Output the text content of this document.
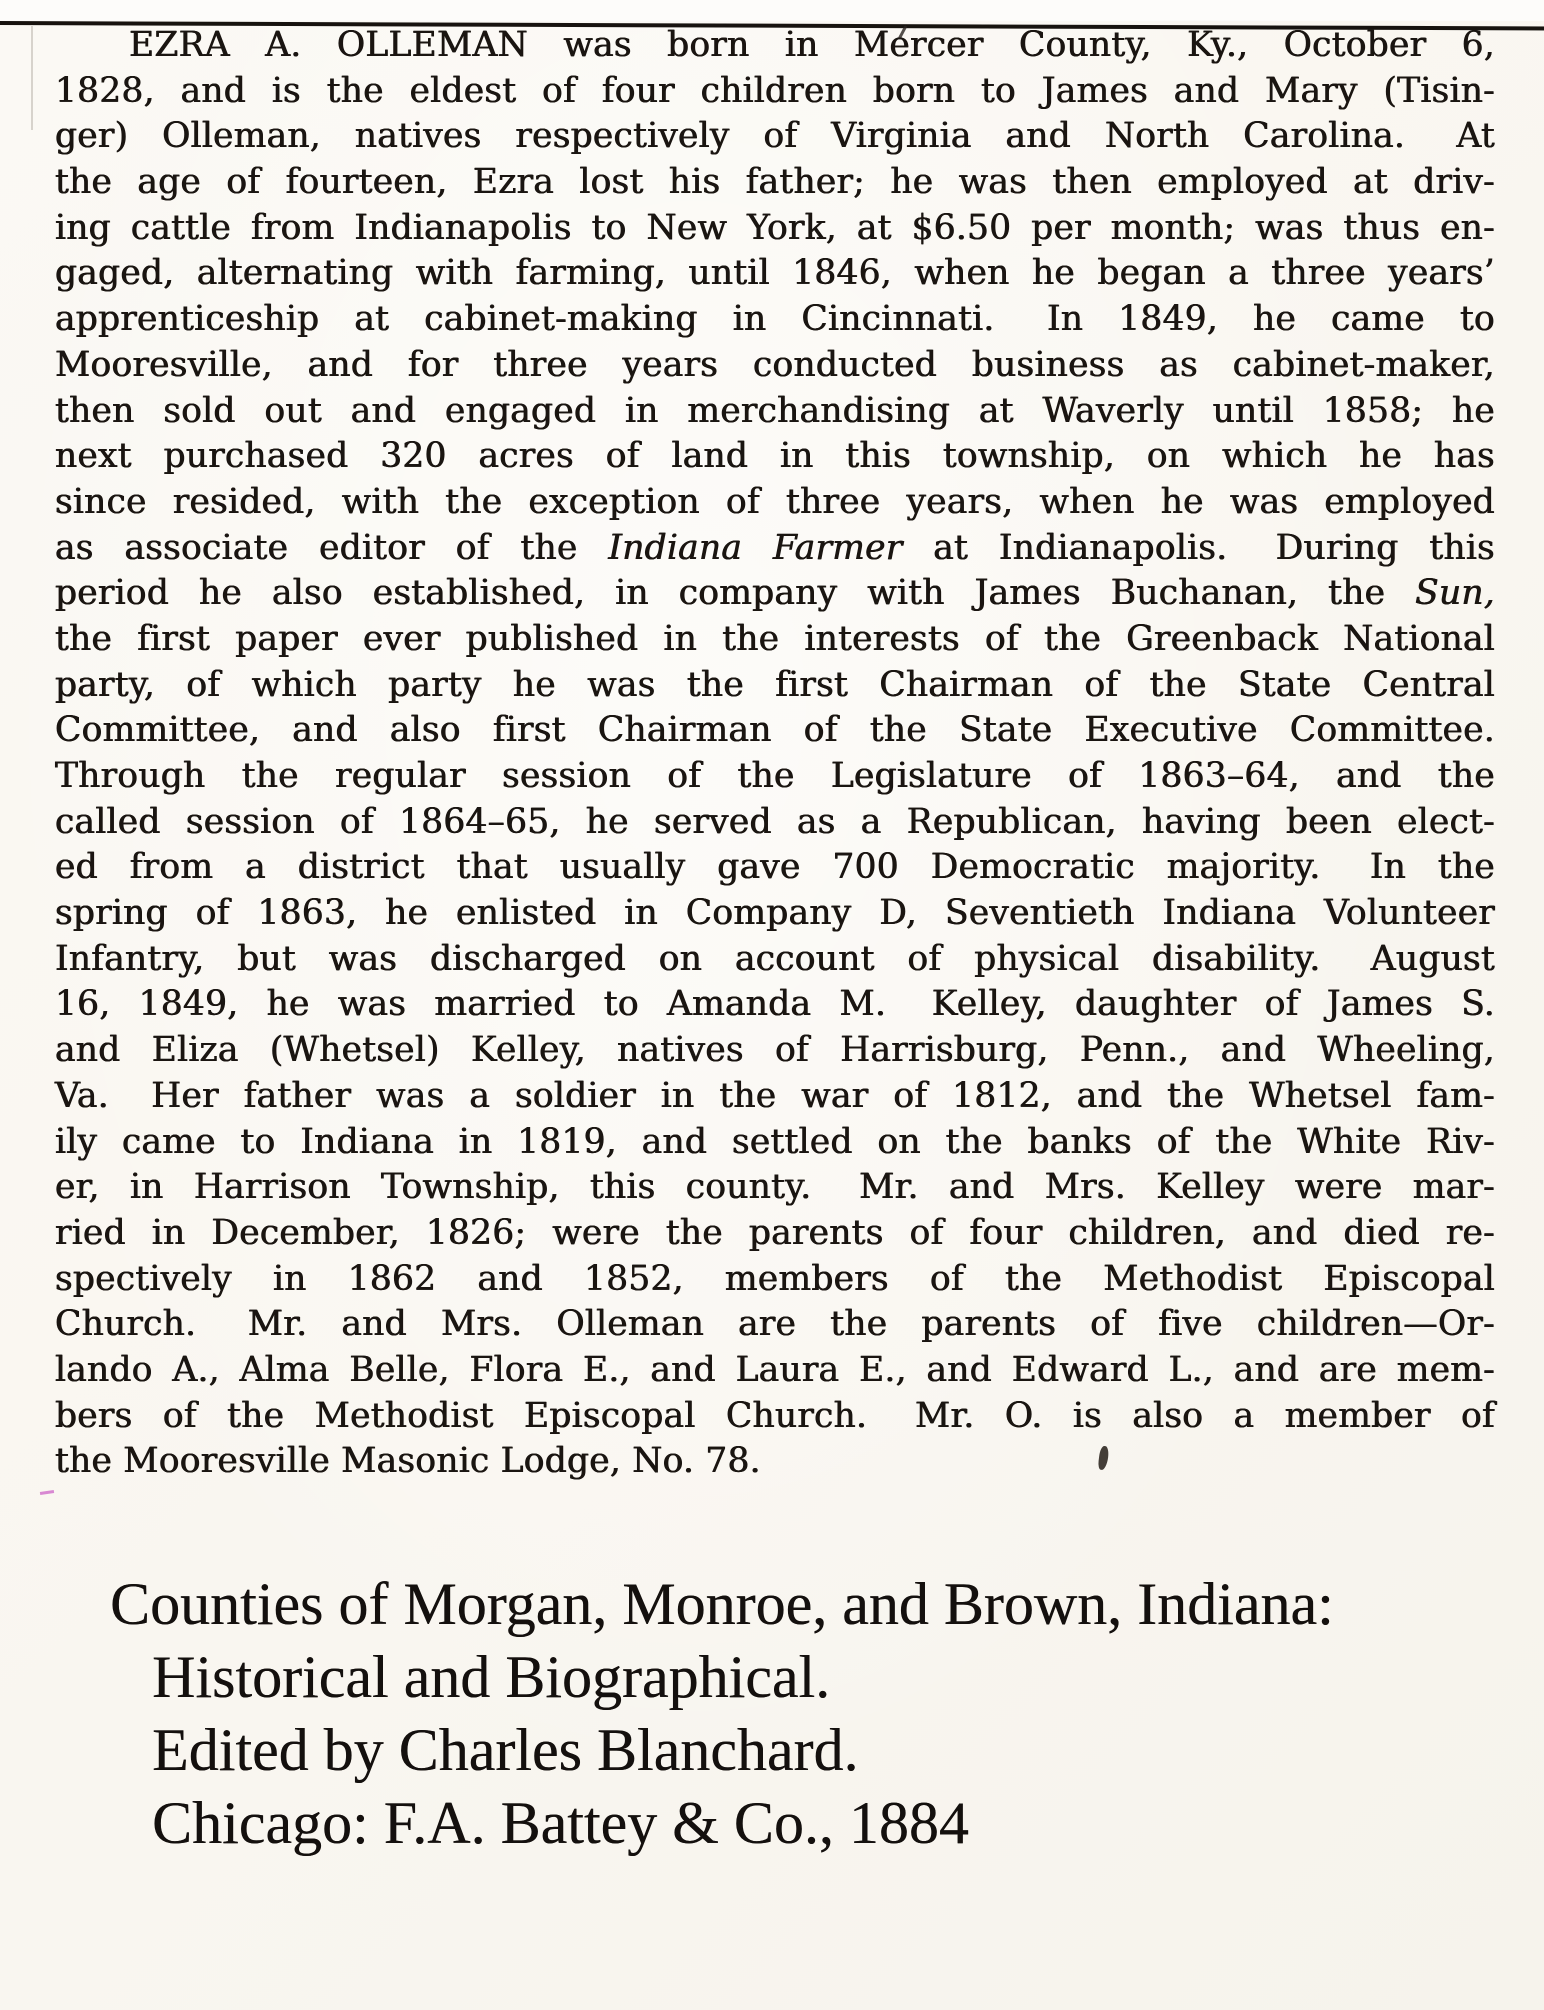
EZRA A. OLLEMAN was born in Mercer County, Ky., October 6,
1828, and is the eldest of four children born to James and Mary (Tisin-
ger) Olleman, natives respectively of Virginia and North Carolina.  At
the age of fourteen, Ezra lost his father; he was then employed at driv-
ing cattle from Indianapolis to New York, at $6.50 per month; was thus en-
gaged, alternating with farming, until 1846, when he began a three years’
apprenticeship at cabinet-making in Cincinnati.  In 1849, he came to
Mooresville, and for three years conducted business as cabinet-maker,
then sold out and engaged in merchandising at Waverly until 1858; he
next purchased 320 acres of land in this township, on which he has
since resided, with the exception of three years, when he was employed
as associate editor of the Indiana Farmer at Indianapolis.  During this
period he also established, in company with James Buchanan, the Sun,
the first paper ever published in the interests of the Greenback National
party, of which party he was the first Chairman of the State Central
Committee, and also first Chairman of the State Executive Committee.
Through the regular session of the Legislature of 1863–64, and the
called session of 1864–65, he served as a Republican, having been elect-
ed from a district that usually gave 700 Democratic majority.  In the
spring of 1863, he enlisted in Company D, Seventieth Indiana Volunteer
Infantry, but was discharged on account of physical disability.  August
16, 1849, he was married to Amanda M.  Kelley, daughter of James S.
and Eliza (Whetsel) Kelley, natives of Harrisburg, Penn., and Wheeling,
Va.  Her father was a soldier in the war of 1812, and the Whetsel fam-
ily came to Indiana in 1819, and settled on the banks of the White Riv-
er, in Harrison Township, this county.  Mr. and Mrs. Kelley were mar-
ried in December, 1826; were the parents of four children, and died re-
spectively in 1862 and 1852, members of the Methodist Episcopal
Church.  Mr. and Mrs. Olleman are the parents of five children—Or-
lando A., Alma Belle, Flora E., and Laura E., and Edward L., and are mem-
bers of the Methodist Episcopal Church.  Mr. O. is also a member of
the Mooresville Masonic Lodge, No. 78.
Counties of Morgan, Monroe, and Brown, Indiana:
Historical and Biographical.
Edited by Charles Blanchard.
Chicago: F.A. Battey & Co., 1884
